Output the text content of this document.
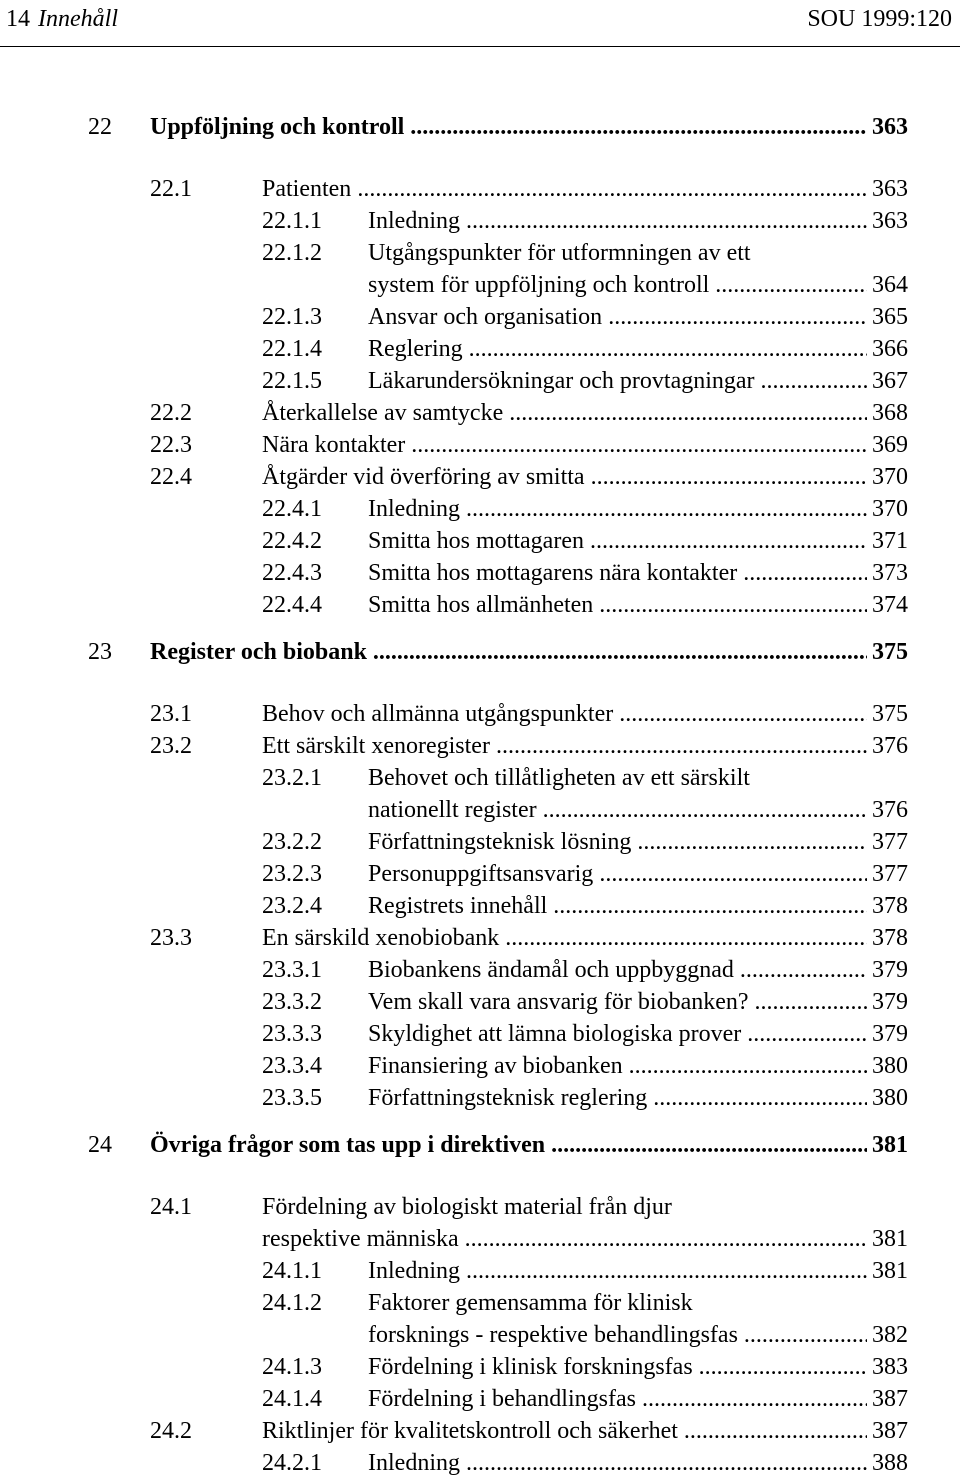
14 Innehåll	SOU 1999:120
22 Uppföljning och kontroll .....	363
22.1	Patienten .....	363
22.1.1 Inledning .....	363
22.1.2 Utgångspunkter för utformningen av ett
system för uppföljning och kontroll .....	364
22.1.3 Ansvar och organisation .....	365
22.1.4 Reglering .....	366
22.1.5 Läkarundersökningar och provtagningar .....	367
22.2	Återkallelse av samtycke .....	368
22.3	Nära kontakter .....	369
22.4	Åtgärder vid överföring av smitta .....	370
22.4.1 Inledning .....	370
22.4.2 Smitta hos mottagaren .....	371
22.4.3 Smitta hos mottagarens nära kontakter .....	373
22.4.4 Smitta hos allmänheten .....	374
23 Register och biobank .....	375
23.1	Behov och allmänna utgångspunkter .....	375
23.2	Ett särskilt xenoregister .....	376
23.2.1 Behovet och tillåtligheten av ett särskilt
nationellt register .....	376
23.2.2 Författningsteknisk lösning .....	377
23.2.3 Personuppgiftsansvarig .....	377
23.2.4 Registrets innehåll .....	378
23.3	En särskild xenobiobank .....	378
23.3.1 Biobankens ändamål och uppbyggnad .....	379
23.3.2 Vem skall vara ansvarig för biobanken? .....	379
23.3.3 Skyldighet att lämna biologiska prover .....	379
23.3.4 Finansiering av biobanken .....	380
23.3.5 Författningsteknisk reglering .....	380
24 Övriga frågor som tas upp i direktiven .....	381
24.1	Fördelning av biologiskt material från djur
respektive människa .....	381
24.1.1 Inledning .....	381
24.1.2 Faktorer gemensamma för klinisk
forsknings - respektive behandlingsfas .....	382
24.1.3 Fördelning i klinisk forskningsfas .....	383
24.1.4 Fördelning i behandlingsfas .....	387
24.2	Riktlinjer för kvalitetskontroll och säkerhet .....	387
24.2.1 Inledning .....	388
